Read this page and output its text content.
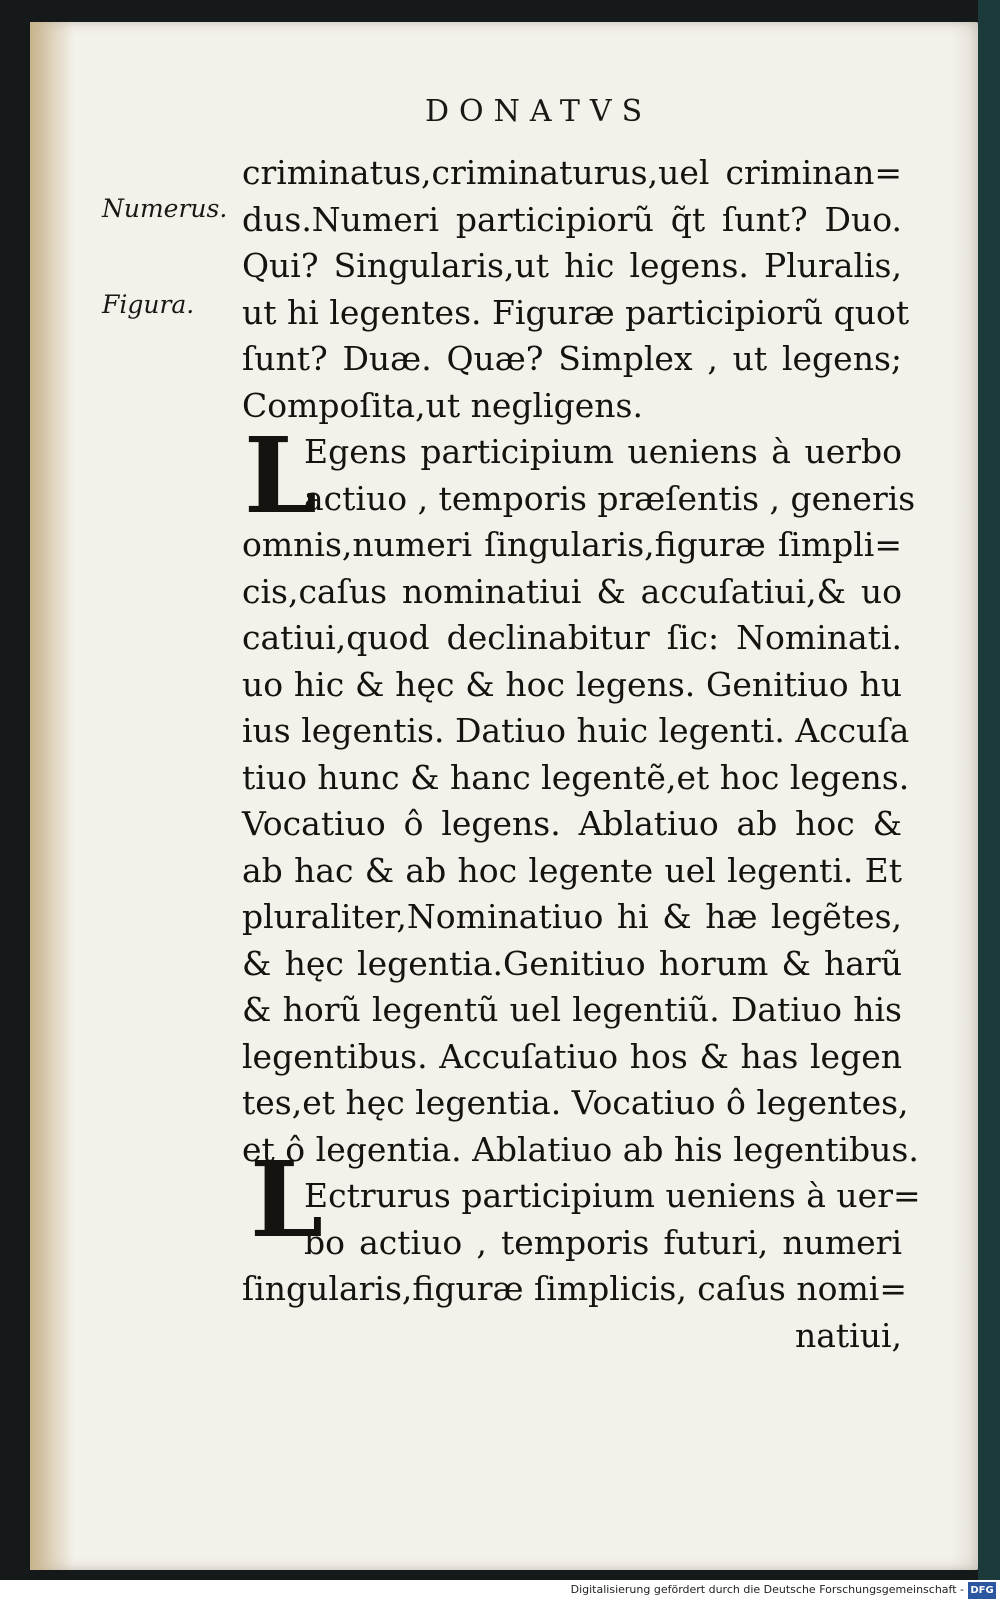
DONATVS
Numerus.
Figura.
L
L
criminatus,criminaturus,uel criminan=
dus.Numeri participiorũ q̃t ſunt? Duo.
Qui? Singularis,ut hic legens. Pluralis,
ut hi legentes. Figuræ participiorũ quot
ſunt? Duæ. Quæ? Simplex , ut legens;
Compoſita,ut negligens.
Egens participium ueniens à uerbo
actiuo , temporis præſentis , generis
omnis,numeri ſingularis,figuræ ſimpli=
cis,caſus nominatiui & accuſatiui,& uo
catiui,quod declinabitur ſic: Nominati.
uo hic & hęc & hoc legens. Genitiuo hu
ius legentis. Datiuo huic legenti. Accuſa
tiuo hunc & hanc legentẽ,et hoc legens.
Vocatiuo ô legens. Ablatiuo ab hoc &
ab hac & ab hoc legente uel legenti. Et
pluraliter,Nominatiuo hi & hæ legẽtes,
& hęc legentia.Genitiuo horum & harũ
& horũ legentũ uel legentiũ. Datiuo his
legentibus. Accuſatiuo hos & has legen
tes,et hęc legentia. Vocatiuo ô legentes,
et ô legentia. Ablatiuo ab his legentibus.
Ectrurus participium ueniens à uer=
bo actiuo , temporis futuri, numeri
ſingularis,figuræ ſimplicis, caſus nomi=
natiui,
Digitalisierung gefördert durch die Deutsche Forschungsgemeinschaft - DFG
